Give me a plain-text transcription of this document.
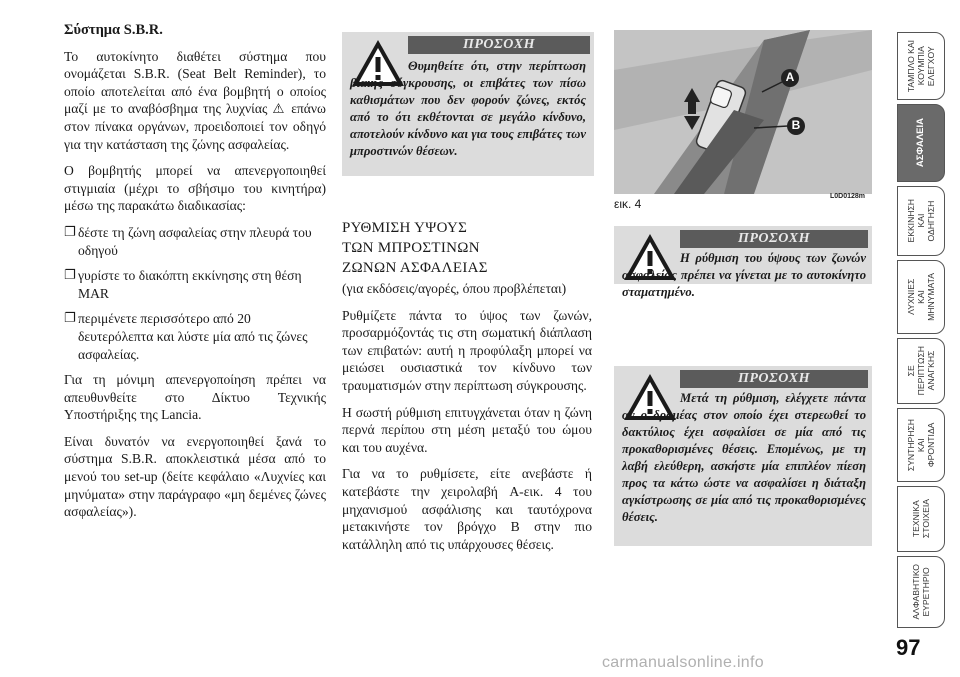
Σύστημα S.B.R.

Το αυτοκίνητο διαθέτει σύστημα που ονομάζεται S.B.R. (Seat Belt Reminder), το οποίο αποτελείται από ένα βομβητή ο οποίος μαζί με το αναβόσβημα της λυχνίας ⚠ επάνω στον πίνακα οργάνων, προειδοποιεί τον οδηγό για την κατάσταση της ζώνης ασφαλείας.

Ο βομβητής μπορεί να απενεργοποιηθεί στιγμιαία (μέχρι το σβήσιμο του κινητήρα) μέσω της παρακάτω διαδικασίας:

❐ δέστε τη ζώνη ασφαλείας στην πλευρά του οδηγού
❐ γυρίστε το διακόπτη εκκίνησης στη θέση MAR
❐ περιμένετε περισσότερο από 20 δευτερόλεπτα και λύστε μία από τις ζώνες ασφαλείας.

Για τη μόνιμη απενεργοποίηση πρέπει να απευθυνθείτε στο Δίκτυο Τεχνικής Υποστήριξης της Lancia.

Είναι δυνατόν να ενεργοποιηθεί ξανά το σύστημα S.B.R. αποκλειστικά μέσα από το μενού του set-up (δείτε κεφάλαιο «Λυχνίες και μηνύματα» στην παράγραφο «μη δεμένες ζώνες ασφαλείας»).

ΠΡΟΣΟΧΗ
Θυμηθείτε ότι, στην περίπτωση βίαιης σύγκρουσης, οι επιβάτες των πίσω καθισμάτων που δεν φορούν ζώνες, εκτός από το ότι εκθέτονται σε μεγάλο κίνδυνο, αποτελούν κίνδυνο και για τους επιβάτες των μπροστινών θέσεων.
ΡΥΘΜΙΣΗ ΥΨΟΥΣ
ΤΩΝ ΜΠΡΟΣΤΙΝΩΝ
ΖΩΝΩΝ ΑΣΦΑΛΕΙΑΣ

(για εκδόσεις/αγορές, όπου προβλέπεται)

Ρυθμίζετε πάντα το ύψος των ζωνών, προσαρμόζοντάς τις στη σωματική διάπλαση των επιβατών: αυτή η προφύλαξη μπορεί να μειώσει ουσιαστικά τον κίνδυνο των τραυματισμών στην περίπτωση σύγκρουσης.

Η σωστή ρύθμιση επιτυγχάνεται όταν η ζώνη περνά περίπου στη μέση μεταξύ του ώμου και του αυχένα.

Για να το ρυθμίσετε, είτε ανεβάστε ή κατεβάστε την χειρολαβή A-εικ. 4 του μηχανισμού ασφάλισης και ταυτόχρονα μετακινήστε τον βρόγχο B στην πιο κατάλληλη από τις υπάρχουσες θέσεις.

A
B
L0D0128m
εικ. 4
ΠΡΟΣΟΧΗ
Η ρύθμιση του ύψους των ζωνών ασφαλείας πρέπει να γίνεται με το αυτοκίνητο σταματημένο.
ΠΡΟΣΟΧΗ
Μετά τη ρύθμιση, ελέγχετε πάντα αν ο δρομέας στον οποίο έχει στερεωθεί το δακτύλιος έχει ασφαλίσει σε μία από τις προκαθορισμένες θέσεις. Επομένως, με τη λαβή ελεύθερη, ασκήστε μία επιπλέον πίεση προς τα κάτω ώστε να ασφαλίσει η διάταξη αγκίστρωσης σε μία από τις προκαθορισμένες θέσεις.
ΤΑΜΠΛΟ ΚΑΙ
ΚΟΥΜΠΙΑ
ΕΛΕΓΧΟΥ
ΑΣΦΑΛΕΙΑ
ΕΚΚΙΝΗΣΗ
ΚΑΙ
ΟΔΗΓΗΣΗ
ΛΥΧΝΙΕΣ
ΚΑΙ
ΜΗΝΥΜΑΤΑ
ΣΕ
ΠΕΡΙΠΤΩΣΗ
ΑΝΑΓΚΗΣ
ΣΥΝΤΗΡΗΣΗ
ΚΑΙ
ΦΡΟΝΤΙΔΑ
ΤΕΧΝΙΚΑ
ΣΤΟΙΧΕΙΑ
ΑΛΦΑΒΗΤΙΚΟ
ΕΥΡΕΤΗΡΙΟ
97
carmanualsonline.info
